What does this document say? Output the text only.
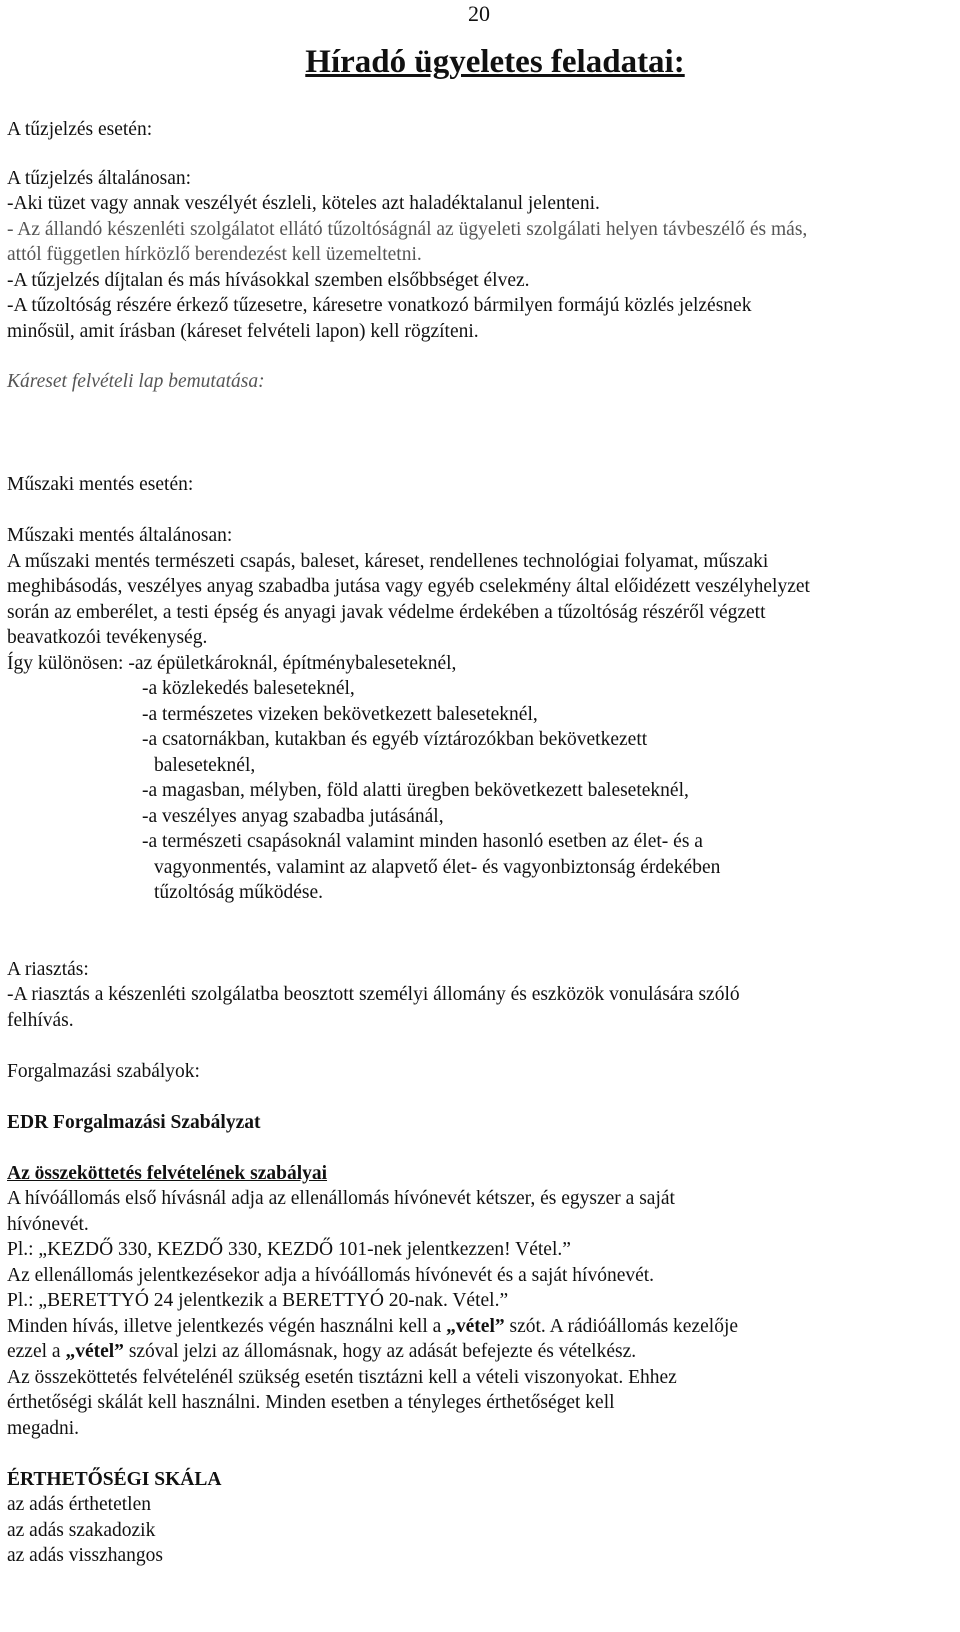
20
Híradó ügyeletes feladatai:
A tűzjelzés esetén:
A tűzjelzés általánosan:
-Aki tüzet vagy annak veszélyét észleli, köteles azt haladéktalanul jelenteni.
- Az állandó készenléti szolgálatot ellátó tűzoltóságnál az ügyeleti szolgálati helyen távbeszélő és más,
attól független hírközlő berendezést kell üzemeltetni.
-A tűzjelzés díjtalan és más hívásokkal szemben elsőbbséget élvez.
-A tűzoltóság részére érkező tűzesetre, káresetre vonatkozó bármilyen formájú közlés jelzésnek
minősül, amit írásban (káreset felvételi lapon) kell rögzíteni.
Káreset felvételi lap bemutatása:
Műszaki mentés esetén:
Műszaki mentés általánosan:
A műszaki mentés természeti csapás, baleset, káreset, rendellenes technológiai folyamat, műszaki
meghibásodás, veszélyes anyag szabadba jutása vagy egyéb cselekmény által előidézett veszélyhelyzet
során az emberélet, a testi épség és anyagi javak védelme érdekében a tűzoltóság részéről végzett
beavatkozói tevékenység.
Így különösen: -az épületkároknál, építménybaleseteknél,
-a közlekedés baleseteknél,
-a természetes vizeken bekövetkezett baleseteknél,
-a csatornákban, kutakban és egyéb víztározókban bekövetkezett
baleseteknél,
-a magasban, mélyben, föld alatti üregben bekövetkezett baleseteknél,
-a veszélyes anyag szabadba jutásánál,
-a természeti csapásoknál valamint minden hasonló esetben az élet- és a
vagyonmentés, valamint az alapvető élet- és vagyonbiztonság érdekében
tűzoltóság működése.
A riasztás:
-A riasztás a készenléti szolgálatba beosztott személyi állomány és eszközök vonulására szóló
felhívás.
Forgalmazási szabályok:
EDR Forgalmazási Szabályzat
Az összeköttetés felvételének szabályai
A hívóállomás első hívásnál adja az ellenállomás hívónevét kétszer, és egyszer a saját
hívónevét.
Pl.: „KEZDŐ 330, KEZDŐ 330, KEZDŐ 101-nek jelentkezzen! Vétel.”
Az ellenállomás jelentkezésekor adja a hívóállomás hívónevét és a saját hívónevét.
Pl.: „BERETTYÓ 24 jelentkezik a BERETTYÓ 20-nak. Vétel.”
Minden hívás, illetve jelentkezés végén használni kell a „vétel” szót. A rádióállomás kezelője
ezzel a „vétel” szóval jelzi az állomásnak, hogy az adását befejezte és vételkész.
Az összeköttetés felvételénél szükség esetén tisztázni kell a vételi viszonyokat. Ehhez
érthetőségi skálát kell használni. Minden esetben a tényleges érthetőséget kell
megadni.
ÉRTHETŐSÉGI SKÁLA
az adás érthetetlen
az adás szakadozik
az adás visszhangos
